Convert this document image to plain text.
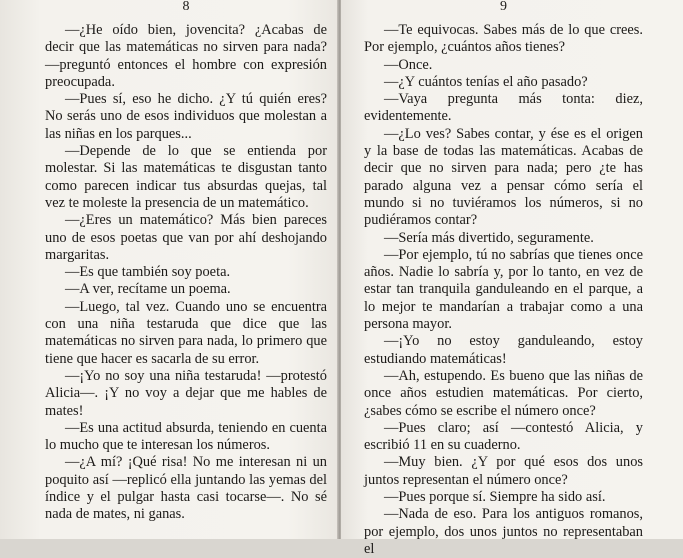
8

—¿He oído bien, jovencita? ¿Acabas de decir que las matemáticas no sirven para nada? —preguntó entonces el hombre con expresión preocupada.

—Pues sí, eso he dicho. ¿Y tú quién eres? No serás uno de esos individuos que molestan a las niñas en los parques...

—Depende de lo que se entienda por molestar. Si las matemáticas te disgustan tanto como parecen indicar tus absurdas quejas, tal vez te moleste la presencia de un matemático.

—¿Eres un matemático? Más bien pareces uno de esos poetas que van por ahí deshojando margaritas.

—Es que también soy poeta.

—A ver, recítame un poema.

—Luego, tal vez. Cuando uno se encuentra con una niña testaruda que dice que las matemáticas no sirven para nada, lo primero que tiene que hacer es sacarla de su error.

—¡Yo no soy una niña testaruda! —protestó Alicia—. ¡Y no voy a dejar que me hables de mates!

—Es una actitud absurda, teniendo en cuenta lo mucho que te interesan los números.

—¿A mí? ¡Qué risa! No me interesan ni un poquito así —replicó ella juntando las yemas del índice y el pulgar hasta casi tocarse—. No sé nada de mates, ni ganas.

9

—Te equivocas. Sabes más de lo que crees. Por ejemplo, ¿cuántos años tienes?

—Once.

—¿Y cuántos tenías el año pasado?

—Vaya pregunta más tonta: diez, evidentemente.

—¿Lo ves? Sabes contar, y ése es el origen y la base de todas las matemáticas. Acabas de decir que no sirven para nada; pero ¿te has parado alguna vez a pensar cómo sería el mundo si no tuviéramos los números, si no pudiéramos contar?

—Sería más divertido, seguramente.

—Por ejemplo, tú no sabrías que tienes once años. Nadie lo sabría y, por lo tanto, en vez de estar tan tranquila ganduleando en el parque, a lo mejor te mandarían a trabajar como a una persona mayor.

—¡Yo no estoy ganduleando, estoy estudiando matemáticas!

—Ah, estupendo. Es bueno que las niñas de once años estudien matemáticas. Por cierto, ¿sabes cómo se escribe el número once?

—Pues claro; así —contestó Alicia, y escribió 11 en su cuaderno.

—Muy bien. ¿Y por qué esos dos unos juntos representan el número once?

—Pues porque sí. Siempre ha sido así.

—Nada de eso. Para los antiguos romanos, por ejemplo, dos unos juntos no representaban el
